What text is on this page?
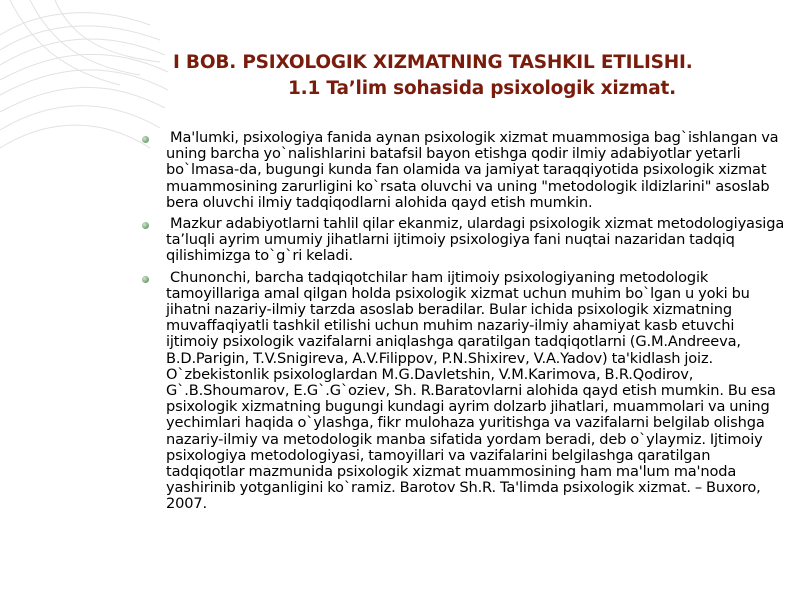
I BOB. PSIXOLOGIK XIZMATNING TASHKIL ETILISHI.
1.1 Ta’lim sohasida psixologik xizmat.
Ma'lumki, psixologiya fanida aynan psixologik xizmat muammosiga bag`ishlangan va uning barcha yo`nalishlarini batafsil bayon etishga qodir ilmiy adabiyotlar yetarli bo`lmasa-da, bugungi kunda fan olamida va jamiyat taraqqiyotida psixologik xizmat muammosining zarurligini ko`rsata oluvchi va uning "metodologik ildizlarini" asoslab bera oluvchi ilmiy tadqiqodlarni alohida qayd etish mumkin.
Mazkur adabiyotlarni tahlil qilar ekanmiz, ulardagi psixologik xizmat metodologiyasiga ta’luqli ayrim umumiy jihatlarni ijtimoiy psixologiya fani nuqtai nazaridan tadqiq qilishimizga to`g`ri keladi.
Chunonchi, barcha tadqiqotchilar ham ijtimoiy psixologiyaning metodologik tamoyillariga amal qilgan holda psixologik xizmat uchun muhim bo`lgan u yoki bu jihatni nazariy-ilmiy tarzda asoslab beradilar. Bular ichida psixologik xizmatning muvaffaqiyatli tashkil etilishi uchun muhim nazariy-ilmiy ahamiyat kasb etuvchi ijtimoiy psixologik vazifalarni aniqlashga qaratilgan tadqiqotlarni (G.M.Andreeva, B.D.Parigin, T.V.Snigireva, A.V.Filippov, P.N.Shixirev, V.A.Yadov) ta'kidlash joiz. O`zbekistonlik psixologlardan M.G.Davletshin, V.M.Karimova, B.R.Qodirov, G`.B.Shoumarov, E.G`.G`oziev, Sh. R.Baratovlarni alohida qayd etish mumkin. Bu esa psixologik xizmatning bugungi kundagi ayrim dolzarb jihatlari, muammolari va uning yechimlari haqida o`ylashga, fikr mulohaza yuritishga va vazifalarni belgilab olishga nazariy-ilmiy va metodologik manba sifatida yordam beradi, deb o`ylaymiz. Ijtimoiy psixologiya metodologiyasi, tamoyillari va vazifalarini belgilashga qaratilgan tadqiqotlar mazmunida psixologik xizmat muammosining ham ma'lum ma'noda yashirinib yotganligini ko`ramiz. Barotov Sh.R. Ta'limda psixologik xizmat. – Buxoro, 2007.
